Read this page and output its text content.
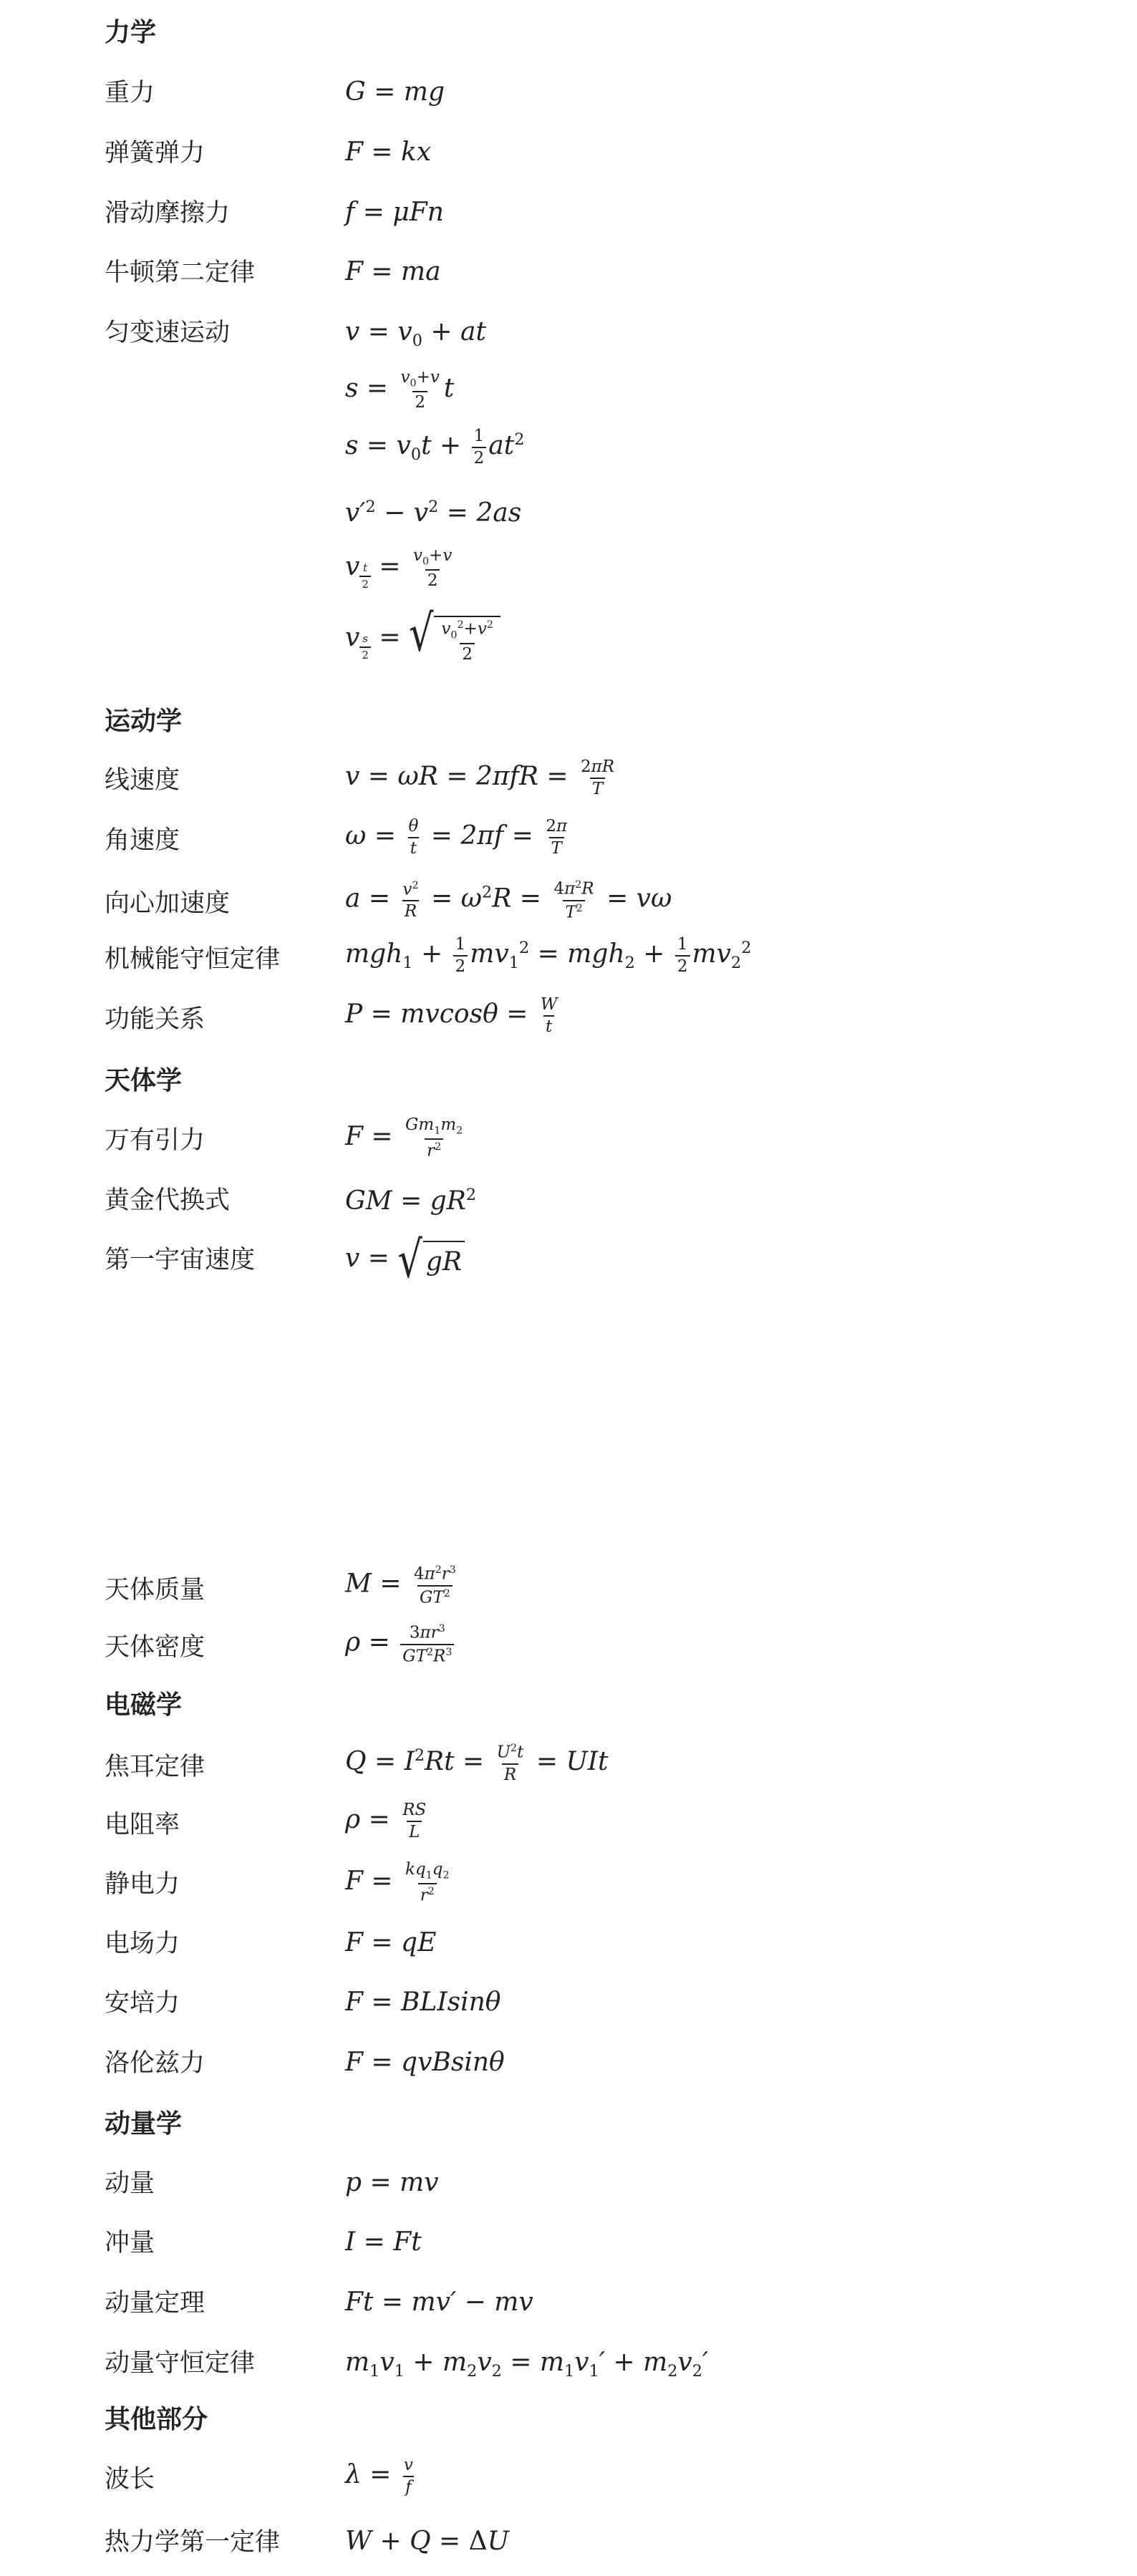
力学
重力	G = mg
弹簧弹力	F = kx
滑动摩擦力	f = μFn
牛顿第二定律	F = ma
匀变速运动	$v = v_0$ + at
$s = \frac{v_0+v}{2}$ t
$s = v_0t + \frac{1}{2} at^2$
$v'^2 - v^2 = 2as$
v $_{\frac{t}{2}} = \frac{v_0+v}{2}$
v $_{\frac{s}{2}}$ = √ $\frac{v_0^2+v^2}{2}$
运动学
线速度	$v = \omega R = 2\pi fR = \frac{2\pi R}{T}$
角速度	$\omega = \frac{\theta}{t} = 2\pi f = \frac{2\pi}{T}$
向心加速度	$a = \frac{v^2}{R} = \omega^2R = \frac{4\pi^2R}{T^2} = v\omega$
机械能守恒定律	$mgh_1 + \frac{1}{2} mv_1^2 = mgh_2 + \frac{1}{2} mv_2^2$
功能关系	$P = mvcos\theta = \frac{W}{t}$
天体学
万有引力	$F = \frac{Gm_1m_2}{r^2}$
黄金代换式	GM = $gR^2$
第一宇宙速度	v = √ gR
天体质量	$M = \frac{4\pi^2r^3}{GT^2}$
天体密度	$\rho = \frac{3\pi r^3}{GT^2R^3}$
电磁学
焦耳定律	$Q = I^2Rt = \frac{U^2t}{R}$ = UIt
电阻率	$\rho = \frac{RS}{L}$
静电力	$F = \frac{kq_1q_2}{r^2}$
电场力	F = qE
安培力	F = BLIsinθ
洛伦兹力	F = qvBsinθ
动量学
动量	p = mv
冲量	I = Ft
动量定理	Ft = mv′ − mv
动量守恒定律	$m_1v_1 + m_2v_2 = m_1v_1' + m_2v_2'$
其他部分
波长	$\lambda = \frac{v}{f}$
热力学第一定律	W + Q = ΔU
